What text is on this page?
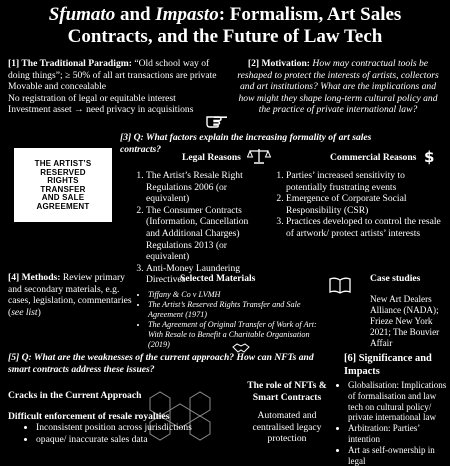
Sfumato and Impasto: Formalism, Art Sales
Contracts, and the Future of Law Tech
[1] The Traditional Paradigm: “Old school way of doing things”; ≥ 50% of all art transactions are private
Movable and concealable
No registration of legal or equitable interest
Investment asset → need privacy in acquisitions
[2] Motivation: How may contractual tools be reshaped to protect the interests of artists, collectors and art institutions? What are the implications and how might they shape long-term cultural policy and the practice of private international law?
[3] Q: What factors explain the increasing formality of art sales contracts?
THE ARTIST’S
RESERVED
RIGHTS
TRANSFER
AND SALE
AGREEMENT
Legal Reasons
1. The Artist’s Resale Right Regulations 2006 (or equivalent)
2. The Consumer Contracts (Information, Cancellation and Additional Charges) Regulations 2013 (or equivalent)
3. Anti-Money Laundering Directives
Commercial Reasons $
1. Parties’ increased sensitivity to potentially frustrating events
2. Emergence of Corporate Social Responsibility (CSR)
3. Practices developed to control the resale of artwork/ protect artists’ interests
[4] Methods: Review primary and secondary materials, e.g. cases, legislation, commentaries (see list)
Selected Materials
• Tiffany & Co v LVMH
• The Artist’s Reserved Rights Transfer and Sale Agreement (1971)
• The Agreement of Original Transfer of Work of Art: With Resale to Benefit a Charitable Organisation (2019)
Case studies
New Art Dealers Alliance (NADA); Frieze New York 2021; The Bouvier Affair
[5] Q: What are the weaknesses of the current approach? How can NFTs and smart contracts address these issues?
Cracks in the Current Approach
Difficult enforcement of resale royalties
• Inconsistent position across jurisdictions
• opaque/ inaccurate sales data
The role of NFTs & Smart Contracts
Automated and centralised legacy protection
[6] Significance and Impacts
• Globalisation: Implications of formalisation and law tech on cultural policy/ private international law
• Arbitration: Parties’ intention
• Art as self-ownership in legal
